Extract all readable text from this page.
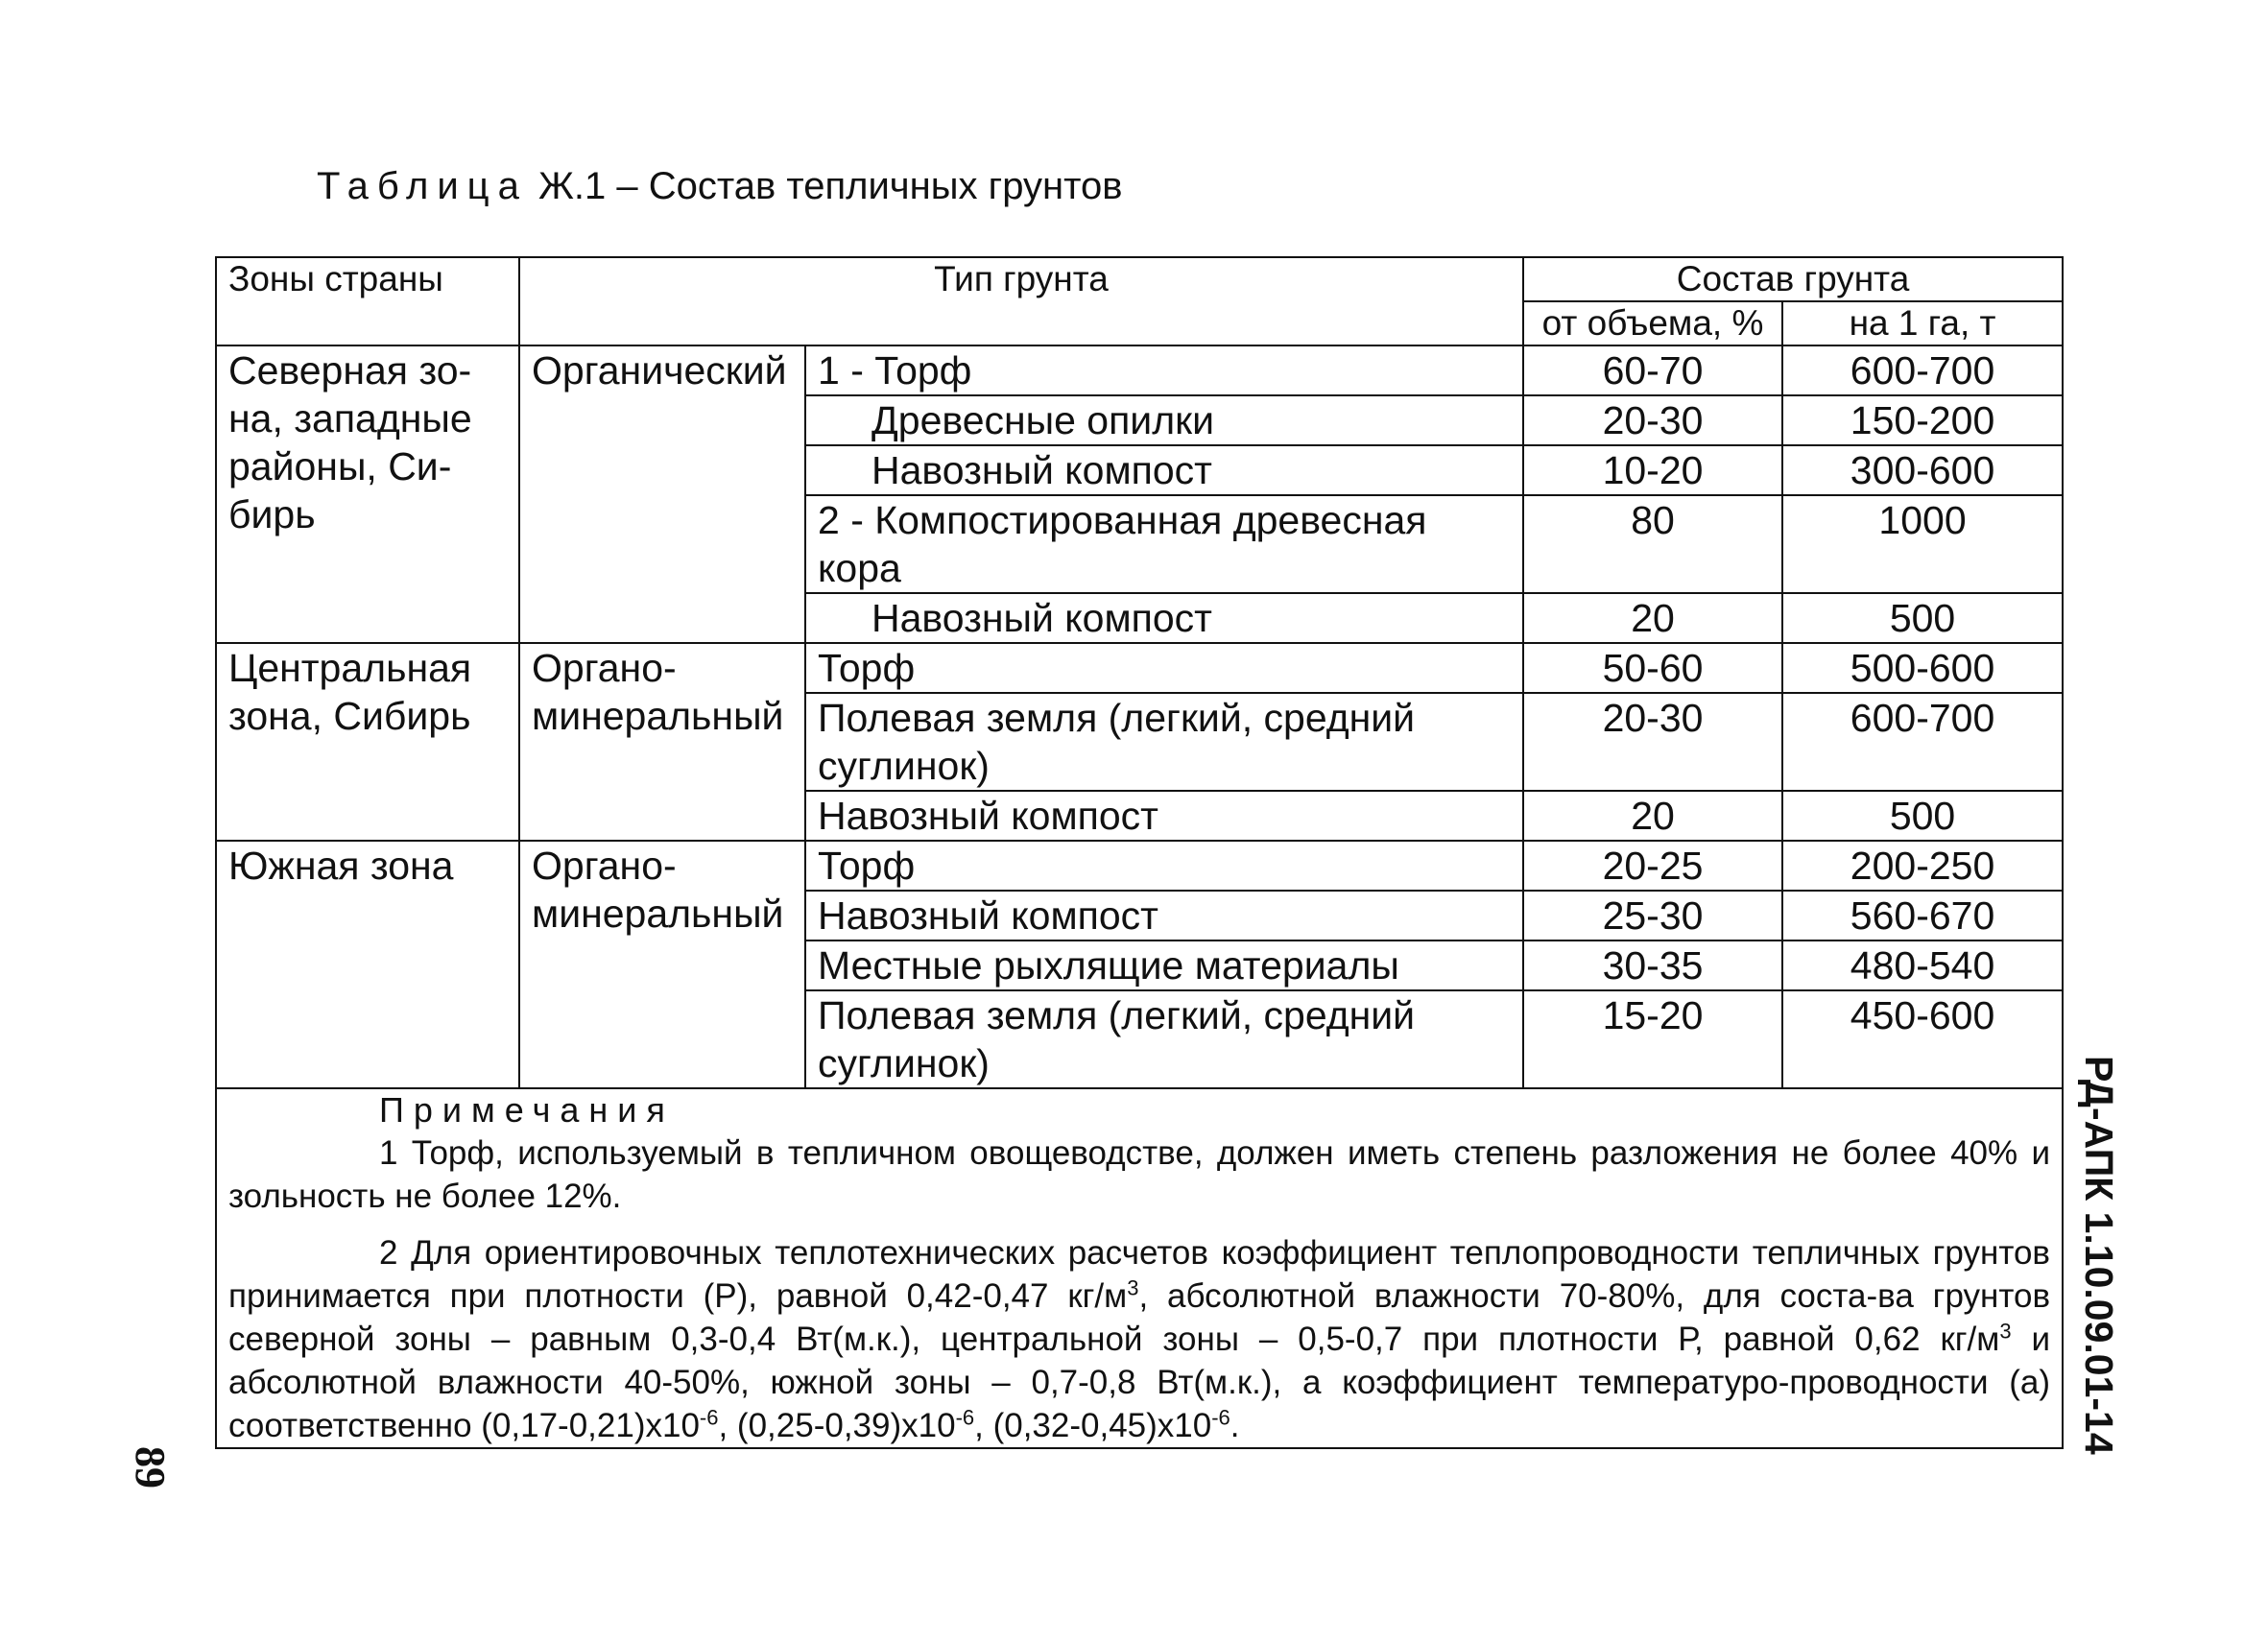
Таблица Ж.1 – Состав тепличных грунтов
Зоны страны	Тип грунта		Состав грунта	
			от объема, %	на 1 га, т
Северная зо-на, западные районы, Си-бирь	Органический	1 - Торф	60-70	600-700
		Древесные опилки	20-30	150-200
		Навозный компост	10-20	300-600
		2 - Компостированная древесная кора	80	1000
		Навозный компост	20	500
Центральная зона, Сибирь	Органо-минеральный	Торф	50-60	500-600
		Полевая земля (легкий, средний суглинок)	20-30	600-700
		Навозный компост	20	500
Южная зона	Органо-минеральный	Торф	20-25	200-250
		Навозный компост	25-30	560-670
		Местные рыхлящие материалы	30-35	480-540
		Полевая земля (легкий, средний суглинок)	15-20	450-600

Примечания

1 Торф, используемый в тепличном овощеводстве, должен иметь степень разложения не более 40% и зольность не более 12%.

2 Для ориентировочных теплотехнических расчетов коэффициент теплопроводности тепличных грунтов принимается при плотности (Р), равной 0,42-0,47 $кг/м^3$, абсолютной влажности 70-80%, для соста-ва грунтов северной зоны – равным 0,3-0,4 Вт(м.к.), центральной зоны – 0,5-0,7 при плотности Р, равной 0,62 $кг/м^3$ и абсолютной влажности 40-50%, южной зоны – 0,7-0,8 Вт(м.к.), а коэффициент температуро-проводности (а) соответственно $(0,17-0,21)x10^{-6}$, $(0,25-0,39)x10^{-6}$, $(0,32-0,45)x10^{-6}$.					РД-АПК 1.10.09.01-14
89
